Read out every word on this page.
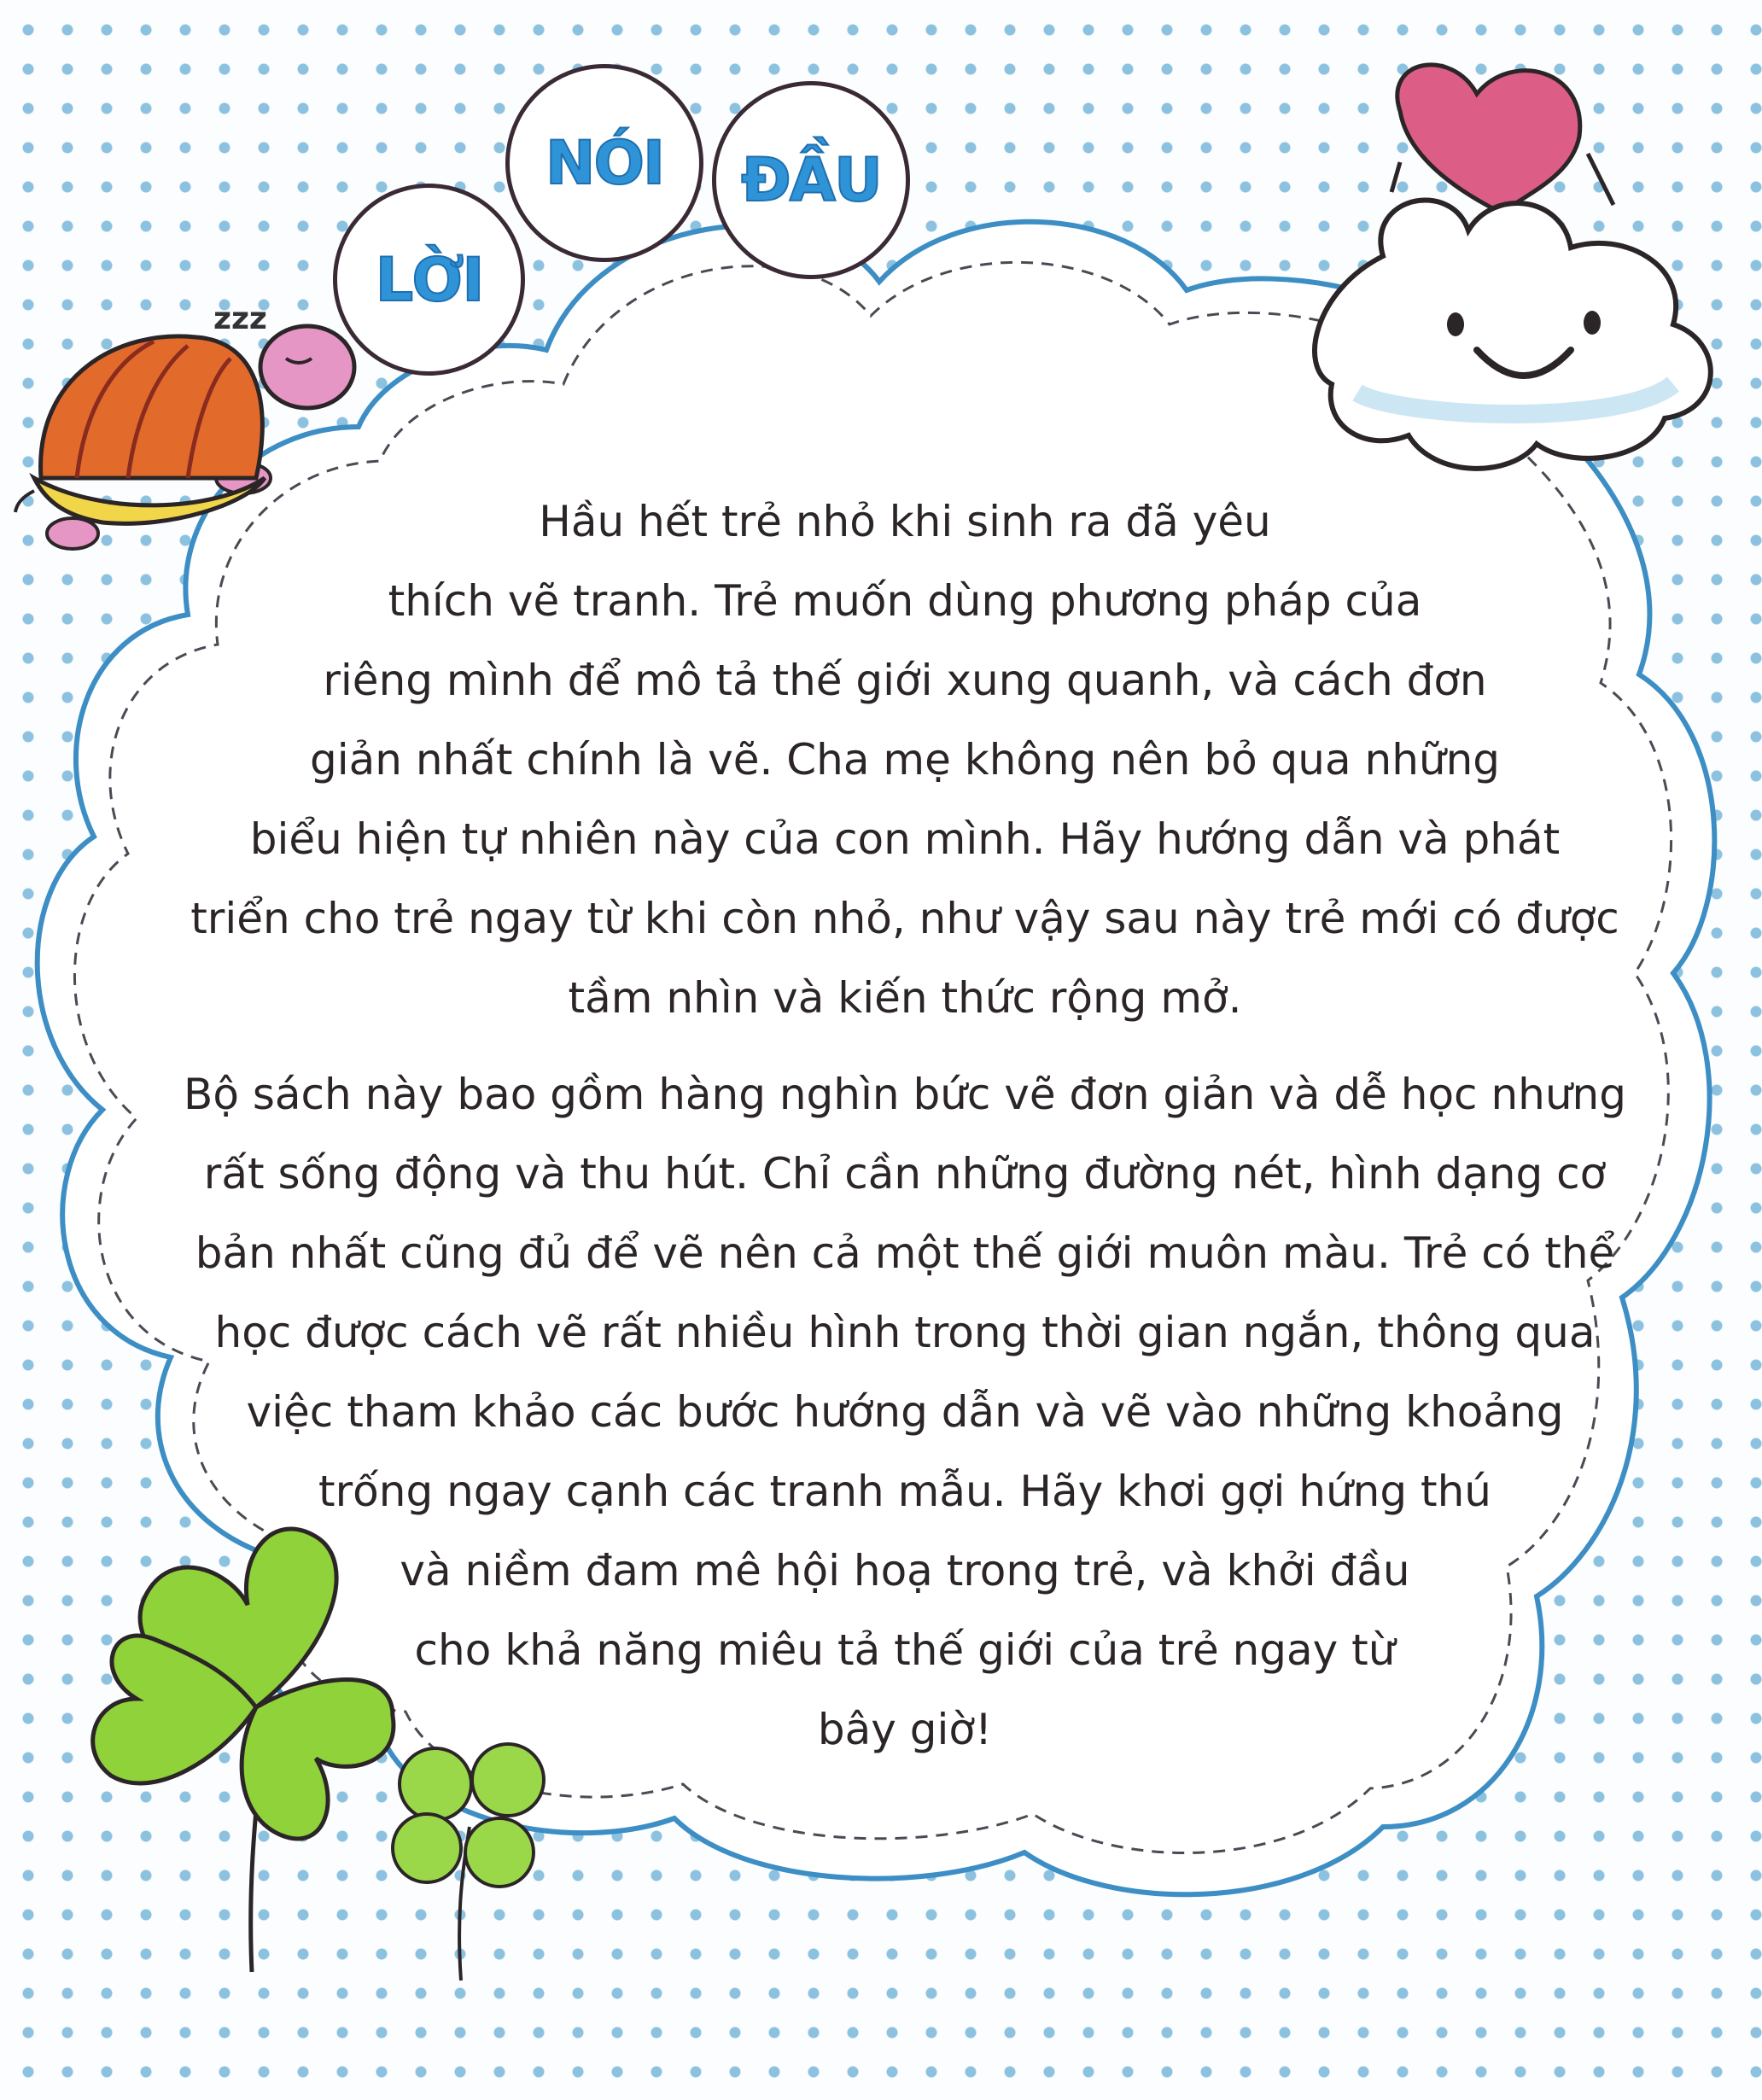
zzz
LỜI
NÓI ĐẦU
Hầu hết trẻ nhỏ khi sinh ra đã yêu
thích vẽ tranh. Trẻ muốn dùng phương pháp của
riêng mình để mô tả thế giới xung quanh, và cách đơn
giản nhất chính là vẽ. Cha mẹ không nên bỏ qua những
biểu hiện tự nhiên này của con mình. Hãy hướng dẫn và phát
triển cho trẻ ngay từ khi còn nhỏ, như vậy sau này trẻ mới có được
tầm nhìn và kiến thức rộng mở.
Bộ sách này bao gồm hàng nghìn bức vẽ đơn giản và dễ học nhưng
rất sống động và thu hút. Chỉ cần những đường nét, hình dạng cơ
bản nhất cũng đủ để vẽ nên cả một thế giới muôn màu. Trẻ có thể
học được cách vẽ rất nhiều hình trong thời gian ngắn, thông qua
việc tham khảo các bước hướng dẫn và vẽ vào những khoảng
trống ngay cạnh các tranh mẫu. Hãy khơi gợi hứng thú
và niềm đam mê hội hoạ trong trẻ, và khởi đầu
cho khả năng miêu tả thế giới của trẻ ngay từ
bây giờ!
